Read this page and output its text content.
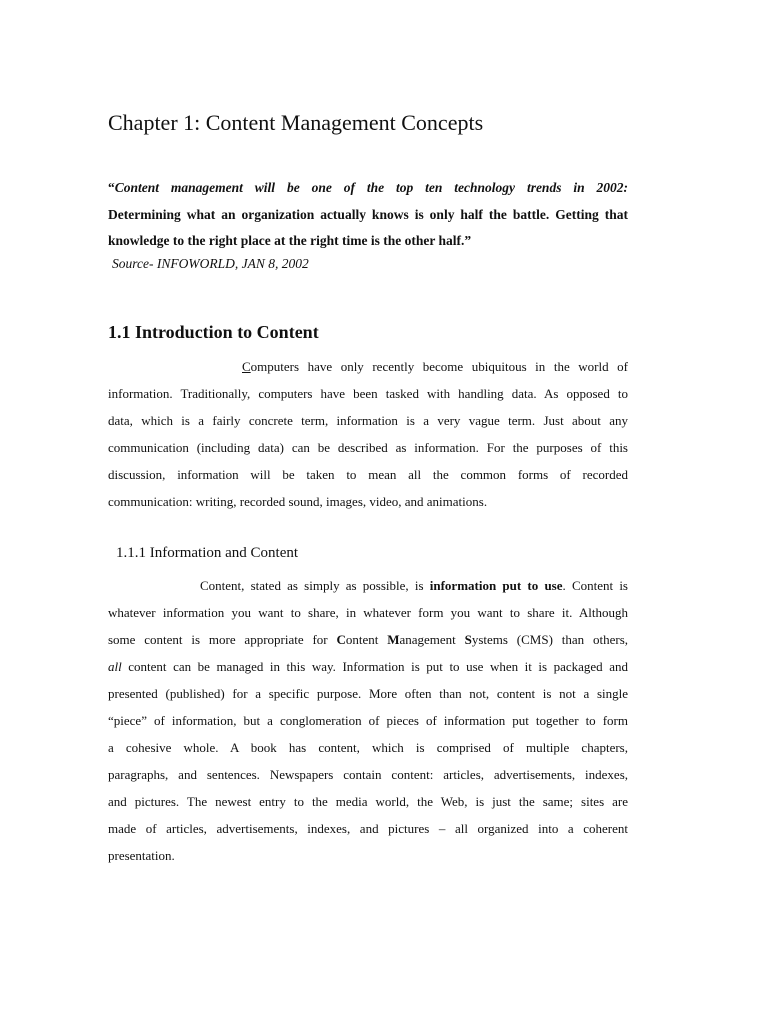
Chapter 1: Content Management Concepts
“Content management will be one of the top ten technology trends in 2002:
Determining what an organization actually knows is only half the battle. Getting that
knowledge to the right place at the right time is the other half.”

Source- INFOWORLD, JAN 8, 2002

1.1 Introduction to Content
Computers have only recently become ubiquitous in the world of
information. Traditionally, computers have been tasked with handling data. As opposed to
data, which is a fairly concrete term, information is a very vague term. Just about any
communication (including data) can be described as information. For the purposes of this
discussion, information will be taken to mean all the common forms of recorded
communication: writing, recorded sound, images, video, and animations.
1.1.1 Information and Content
Content, stated as simply as possible, is information put to use. Content is
whatever information you want to share, in whatever form you want to share it. Although
some content is more appropriate for Content Management Systems (CMS) than others,
all content can be managed in this way. Information is put to use when it is packaged and
presented (published) for a specific purpose. More often than not, content is not a single
“piece” of information, but a conglomeration of pieces of information put together to form
a cohesive whole. A book has content, which is comprised of multiple chapters,
paragraphs, and sentences. Newspapers contain content: articles, advertisements, indexes,
and pictures. The newest entry to the media world, the Web, is just the same; sites are
made of articles, advertisements, indexes, and pictures – all organized into a coherent
presentation.
